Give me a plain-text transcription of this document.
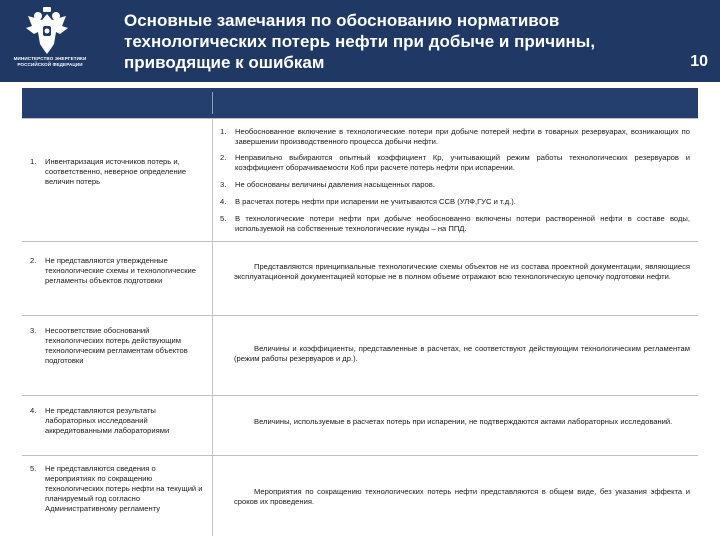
МИНИСТЕРСТВО ЭНЕРГЕТИКИ
РОССИЙСКОЙ ФЕДЕРАЦИИ
Основные замечания по обоснованию нормативов
технологических потерь нефти при добыче и причины,
приводящие к ошибкам	10
1. Инвентаризация источников потерь и, соответственно, неверное определение величин потерь
1. Необоснованное включение в технологические потери при добыче потерей нефти в товарных резервуарах, возникающих по завершении производственного процесса добычи нефти.
2. Неправильно выбираются опытный коэффициент Кр, учитывающий режим работы технологических резервуаров и коэффициент оборачиваемости Коб при расчете потерь нефти при испарении.
3. Не обоснованы величины давления насыщенных паров.
4. В расчетах потерь нефти при испарении не учитываются ССВ (УЛФ,ГУС и т.д.).
5. В технологические потери нефти при добыче необоснованно включены потери растворенной нефти в составе воды, используемой на собственные технологические нужды – на ППД.
2. Не представляются утвержденные технологические схемы и технологические регламенты объектов подготовки
Представляются принципиальные технологические схемы объектов не из состава проектной документации, являющиеся эксплуатационной документацией которые не в полном объеме отражают всю технологическую цепочку подготовки нефти.
3. Несоответствие обоснований технологических потерь действующим технологическим регламентам объектов подготовки
Величины и коэффициенты, представленные в расчетах, не соответствуют действующим технологическим регламентам (режим работы резервуаров и др.).
4. Не представляются результаты лабораторных исследований аккредитованными лабораториями
Величины, используемые в расчетах потерь при испарении, не подтверждаются актами лабораторных исследований.
5. Не представляются сведения о мероприятиях по сокращению технологических потерь нефти на текущий и планируемый год согласно Административному регламенту
Мероприятия по сокращению технологических потерь нефти представляются в общем виде, без указания эффекта и сроков их проведения.
